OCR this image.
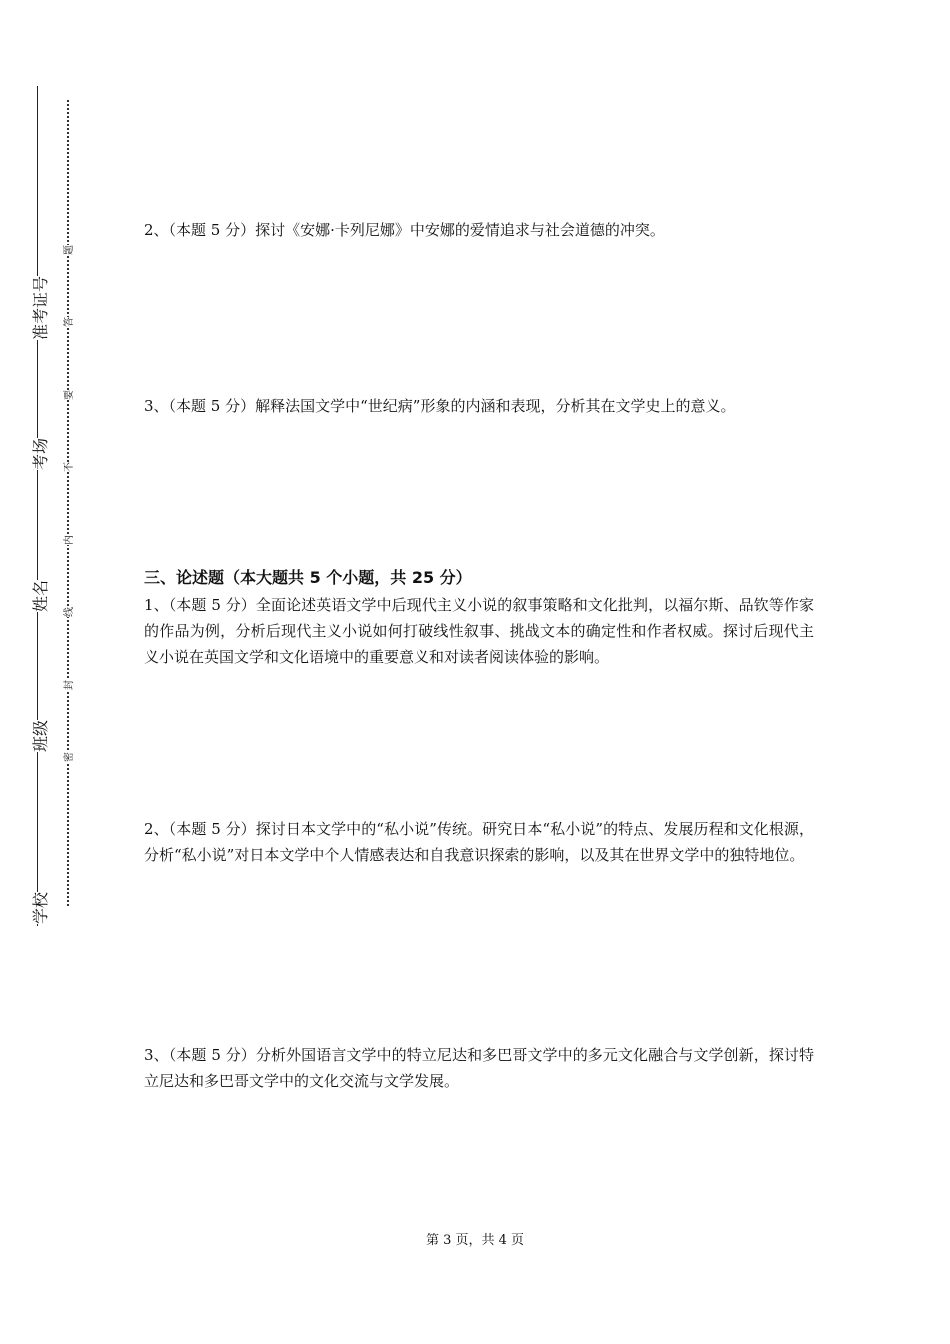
准考证号
考场
姓名
班级
学校
题
答
要
不
内
线
封
密

2、（本题 5 分）探讨《安娜·卡列尼娜》中安娜的爱情追求与社会道德的冲突。

3、（本题 5 分）解释法国文学中“世纪病”形象的内涵和表现，分析其在文学史上的意义。

三、论述题（本大题共 5 个小题，共 25 分）

1、（本题 5 分）全面论述英语文学中后现代主义小说的叙事策略和文化批判，以福尔斯、品钦等作家的作品为例，分析后现代主义小说如何打破线性叙事、挑战文本的确定性和作者权威。探讨后现代主义小说在英国文学和文化语境中的重要意义和对读者阅读体验的影响。

2、（本题 5 分）探讨日本文学中的“私小说”传统。研究日本“私小说”的特点、发展历程和文化根源，分析“私小说”对日本文学中个人情感表达和自我意识探索的影响，以及其在世界文学中的独特地位。

3、（本题 5 分）分析外国语言文学中的特立尼达和多巴哥文学中的多元文化融合与文学创新，探讨特立尼达和多巴哥文学中的文化交流与文学发展。

第 3 页，共 4 页
